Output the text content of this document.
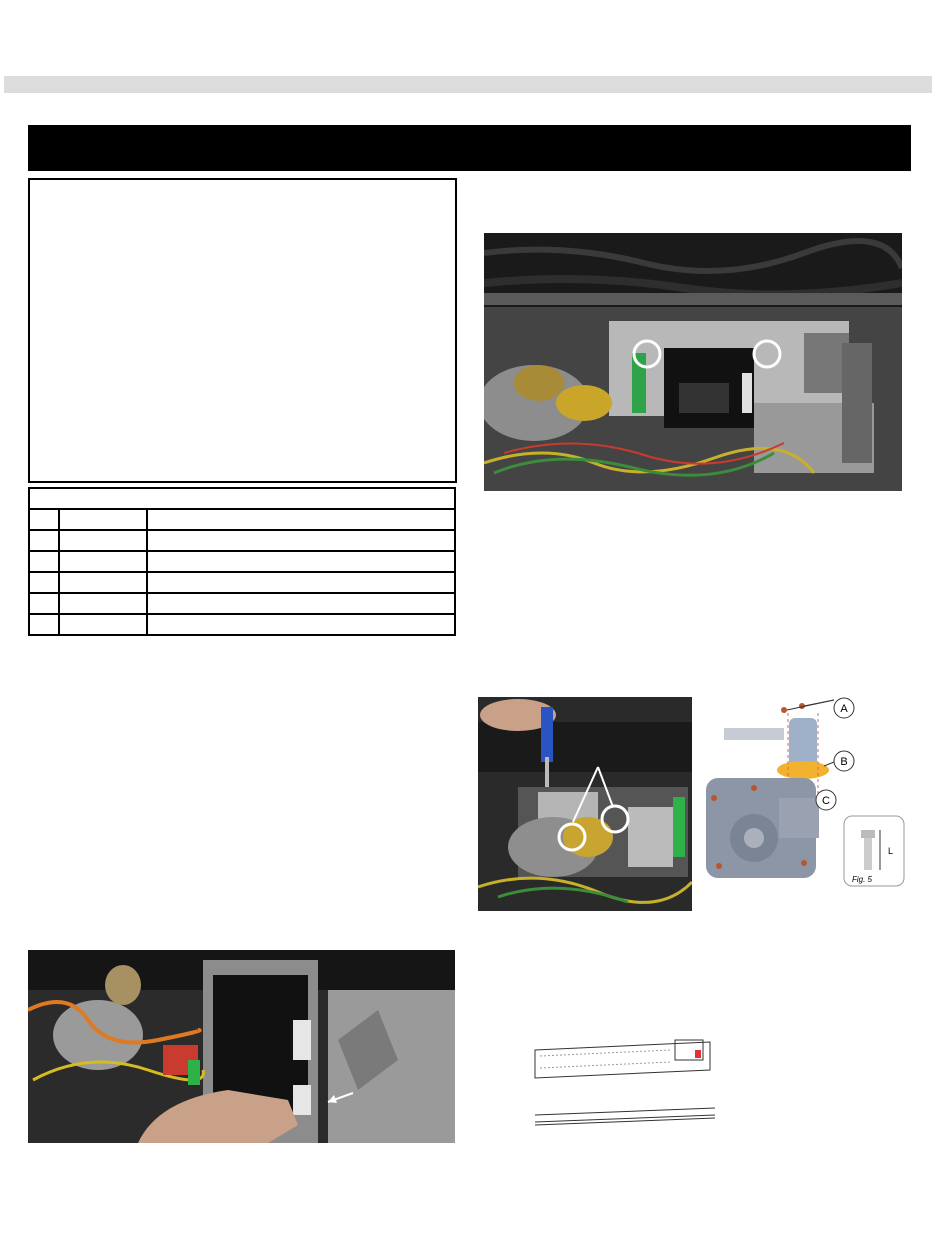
A
B
C
L
Fig. 5
